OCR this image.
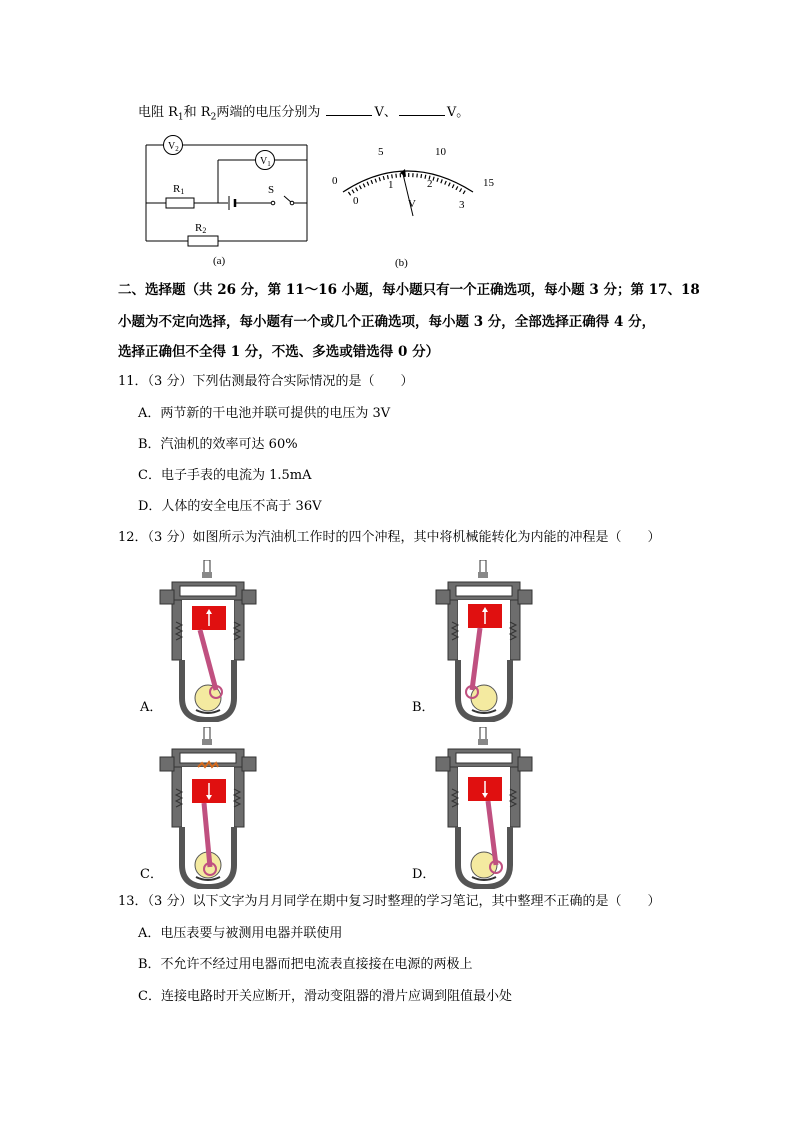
电阻 $R_1$和 $R_2$两端的电压分别为	V、	V。
$V_2$
$V_1$
R1
R2
S
(a)
0
5	10
15
0
1	2
3
V
(b)
二、选择题（共 26 分，第 11～16 小题，每小题只有一个正确选项，每小题 3 分；第 17、18
小题为不定向选择，每小题有一个或几个正确选项，每小题 3 分，全部选择正确得 4 分，
选择正确但不全得 1 分，不选、多选或错选得 0 分）
11．（3 分）下列估测最符合实际情况的是（　　）
A．两节新的干电池并联可提供的电压为 3V
B．汽油机的效率可达 60%
C．电子手表的电流为 1.5mA
D．人体的安全电压不高于 36V
12．（3 分）如图所示为汽油机工作时的四个冲程，其中将机械能转化为内能的冲程是（　　）
A．	B．
C．	D．
13．（3 分）以下文字为月月同学在期中复习时整理的学习笔记，其中整理不正确的是（　　）
A．电压表要与被测用电器并联使用
B．不允许不经过用电器而把电流表直接接在电源的两极上
C．连接电路时开关应断开，滑动变阻器的滑片应调到阻值最小处
